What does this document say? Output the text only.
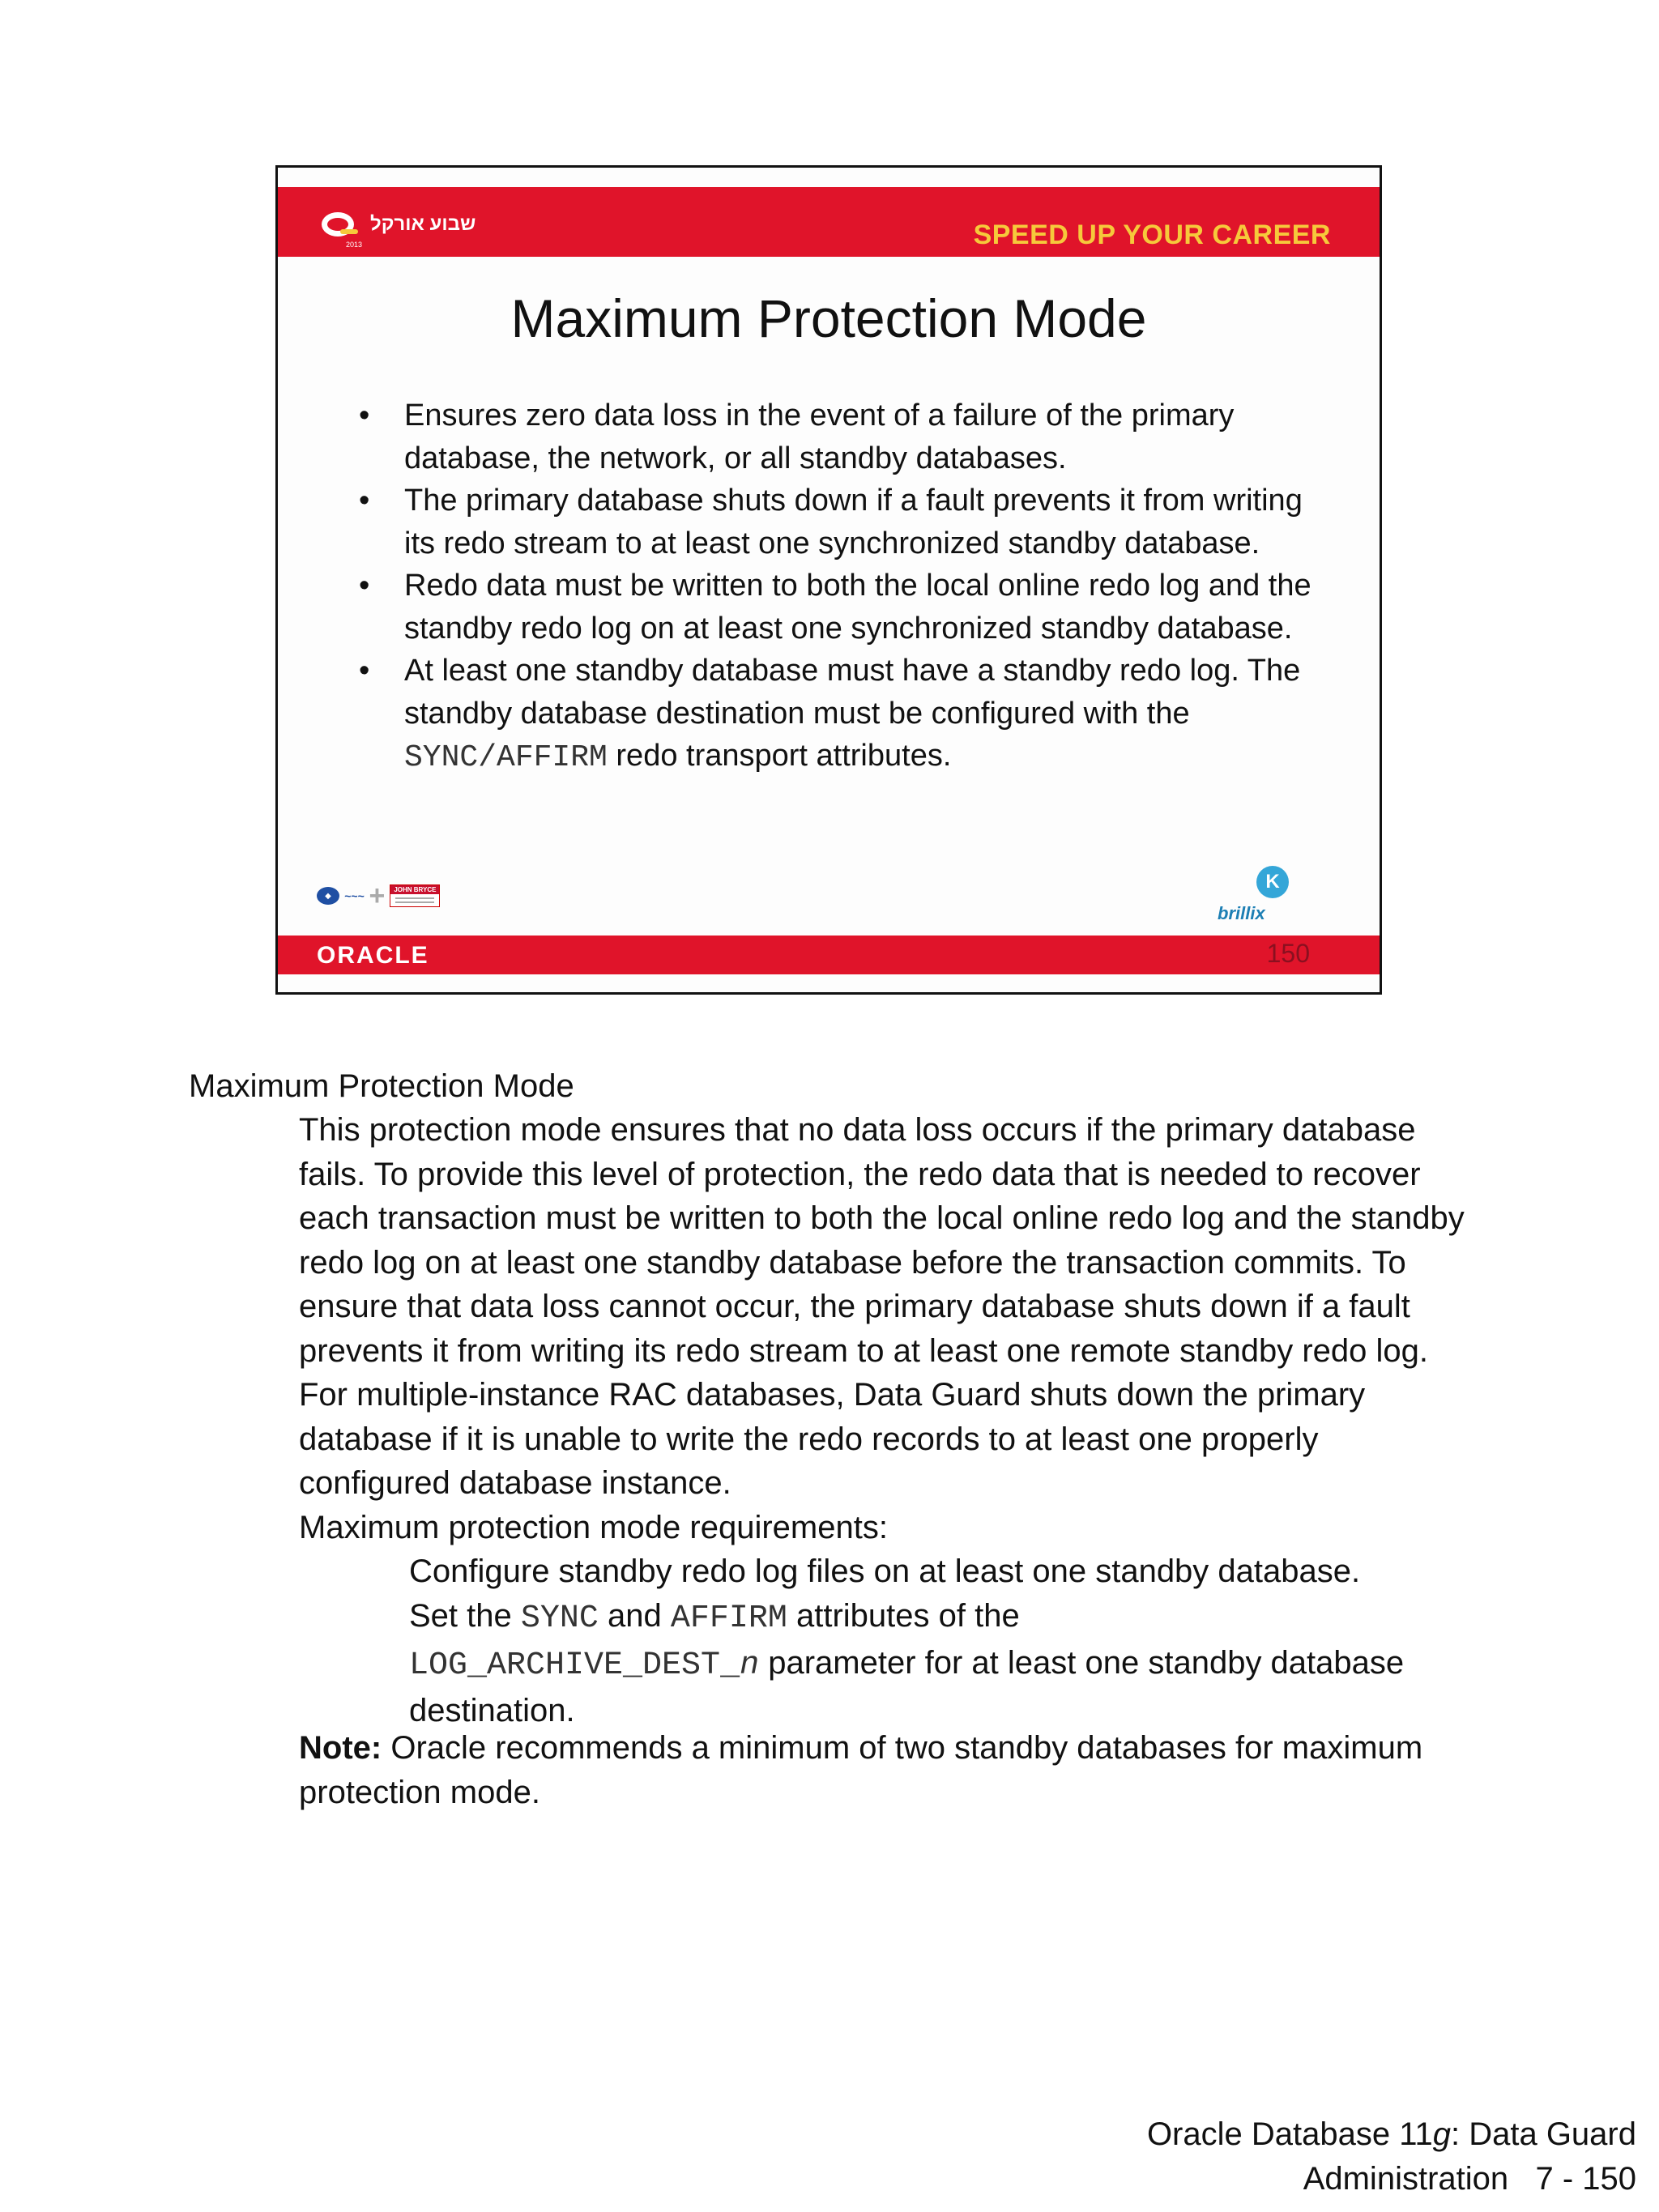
שבוע אורקל
2013	SPEED UP YOUR CAREER
Maximum Protection Mode
•	Ensures zero data loss in the event of a failure of the primary database, the network, or all standby databases.
•	The primary database shuts down if a fault prevents it from writing its redo stream to at least one synchronized standby database.
•	Redo data must be written to both the local online redo log and the standby redo log on at least one synchronized standby database.
•	At least one standby database must have a standby redo log. The standby database destination must be configured with the SYNC/AFFIRM redo transport attributes.
◆	~~~ +	JOHN BRYCE
K
brillix
ORACLE	150
Maximum Protection Mode

This protection mode ensures that no data loss occurs if the primary database fails. To provide this level of protection, the redo data that is needed to recover each transaction must be written to both the local online redo log and the standby redo log on at least one standby database before the transaction commits. To ensure that data loss cannot occur, the primary database shuts down if a fault prevents it from writing its redo stream to at least one remote standby redo log. For multiple-instance RAC databases, Data Guard shuts down the primary database if it is unable to write the redo records to at least one properly configured database instance.

Maximum protection mode requirements:

Configure standby redo log files on at least one standby database.
Set the SYNC and AFFIRM attributes of the
LOG_ARCHIVE_DEST_n parameter for at least one standby database destination.

Note: Oracle recommends a minimum of two standby databases for maximum protection mode.

Oracle Database 11g: Data Guard
Administration   7 - 150
